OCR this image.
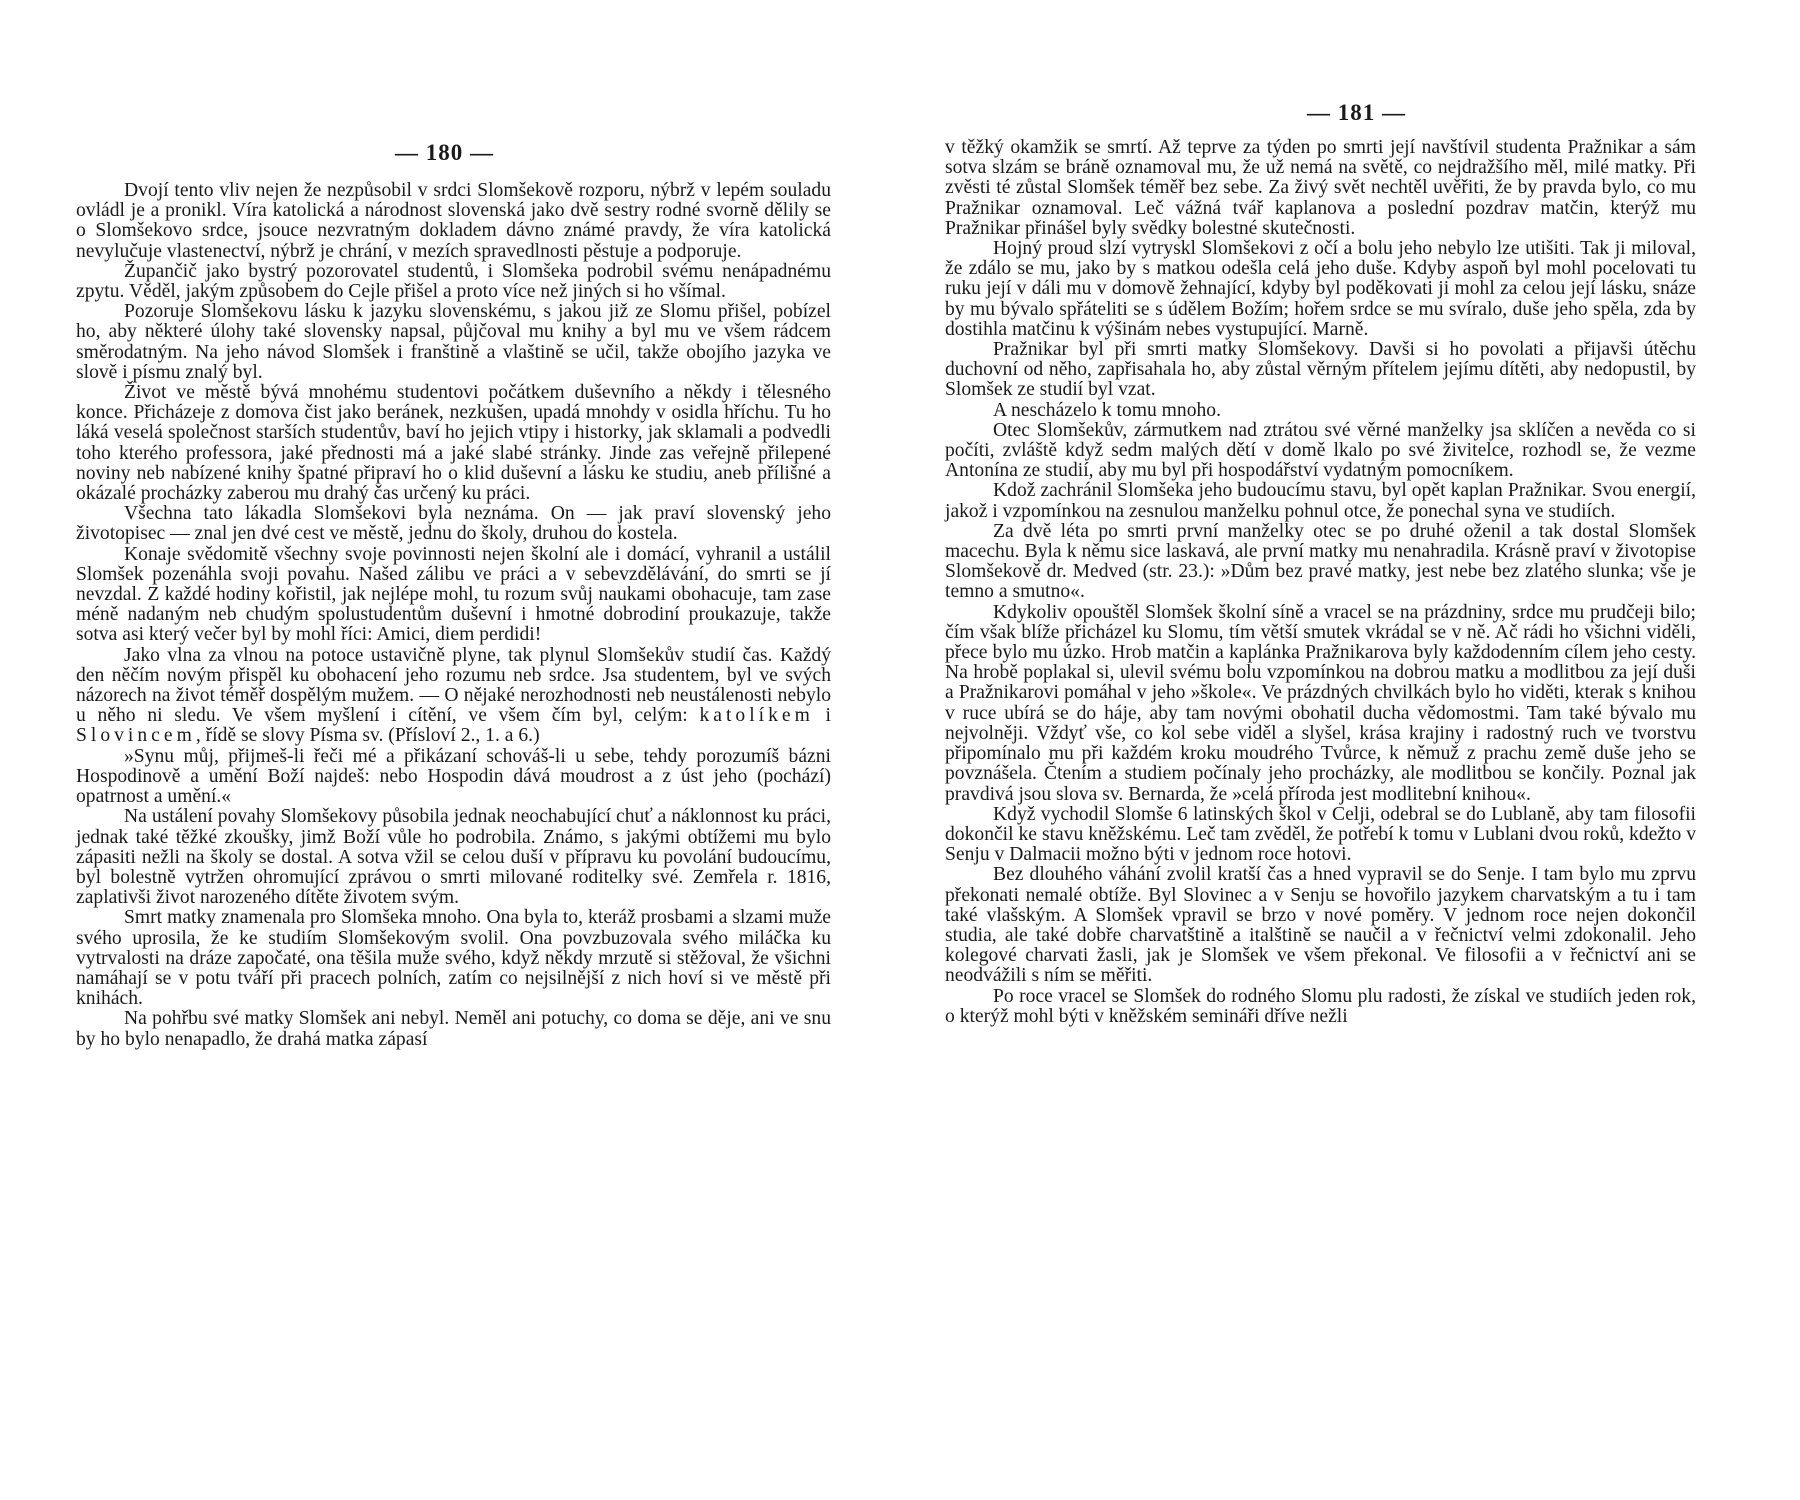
— 180 —

Dvojí tento vliv nejen že nezpůsobil v srdci Slomšekově rozporu, nýbrž v lepém souladu ovládl je a pronikl. Víra katolická a národnost slovenská jako dvě sestry rodné svorně dělily se o Slomšekovo srdce, jsouce nezvratným dokladem dávno známé pravdy, že víra katolická nevylučuje vlastenectví, nýbrž je chrání, v mezích spravedlnosti pěstuje a podporuje.

Župančič jako bystrý pozorovatel studentů, i Slomšeka podrobil svému nenápadnému zpytu. Věděl, jakým způsobem do Cejle přišel a proto více než jiných si ho všímal.

Pozoruje Slomšekovu lásku k jazyku slovenskému, s jakou již ze Slomu přišel, pobízel ho, aby některé úlohy také slovensky napsal, půjčoval mu knihy a byl mu ve všem rádcem směrodatným. Na jeho návod Slomšek i franštině a vlaštině se učil, takže obojího jazyka ve slově i písmu znalý byl.

Život ve městě bývá mnohému studentovi počátkem duševního a někdy i tělesného konce. Přicházeje z domova čist jako beránek, nezkušen, upadá mnohdy v osidla hříchu. Tu ho láká veselá společnost starších studentův, baví ho jejich vtipy i historky, jak sklamali a podvedli toho kterého professora, jaké přednosti má a jaké slabé stránky. Jinde zas veřejně přilepené noviny neb nabízené knihy špatné připraví ho o klid duševní a lásku ke studiu, aneb přílišné a okázalé procházky zaberou mu drahý čas určený ku práci.

Všechna tato lákadla Slomšekovi byla neznáma. On — jak praví slovenský jeho životopisec — znal jen dvé cest ve městě, jednu do školy, druhou do kostela.

Konaje svědomitě všechny svoje povinnosti nejen školní ale i domácí, vyhranil a ustálil Slomšek pozenáhla svoji povahu. Našed zálibu ve práci a v sebevzdělávání, do smrti se jí nevzdal. Z každé hodiny kořistil, jak nejlépe mohl, tu rozum svůj naukami obohacuje, tam zase méně nadaným neb chudým spolustudentům duševní i hmotné dobrodiní proukazuje, takže sotva asi který večer byl by mohl říci: Amici, diem perdidi!

Jako vlna za vlnou na potoce ustavičně plyne, tak plynul Slomšekův studií čas. Každý den něčím novým přispěl ku obohacení jeho rozumu neb srdce. Jsa studentem, byl ve svých názorech na život téměř dospělým mužem. — O nějaké nerozhodnosti neb neustálenosti nebylo u něho ni sledu. Ve všem myšlení i cítění, ve všem čím byl, celým: katolíkem i Slovincem, řídě se slovy Písma sv. (Přísloví 2., 1. a 6.)

»Synu můj, přijmeš-li řeči mé a přikázaní schováš-li u sebe, tehdy porozumíš bázni Hospodinově a umění Boží najdeš: nebo Hospodin dává moudrost a z úst jeho (pochází) opatrnost a umění.«

Na ustálení povahy Slomšekovy působila jednak neochabující chuť a náklonnost ku práci, jednak také těžké zkoušky, jimž Boží vůle ho podrobila. Známo, s jakými obtížemi mu bylo zápasiti nežli na školy se dostal. A sotva vžil se celou duší v přípravu ku povolání budoucímu, byl bolestně vytržen ohromující zprávou o smrti milované roditelky své. Zemřela r. 1816, zaplativši život narozeného dítěte životem svým.

Smrt matky znamenala pro Slomšeka mnoho. Ona byla to, kteráž prosbami a slzami muže svého uprosila, že ke studiím Slomšekovým svolil. Ona povzbuzovala svého miláčka ku vytrvalosti na dráze započaté, ona těšila muže svého, když někdy mrzutě si stěžoval, že všichni namáhají se v potu tváří při pracech polních, zatím co nejsilnější z nich hoví si ve městě při knihách.

Na pohřbu své matky Slomšek ani nebyl. Neměl ani potuchy, co doma se děje, ani ve snu by ho bylo nenapadlo, že drahá matka zápasí

— 181 —

v těžký okamžik se smrtí. Až teprve za týden po smrti její navštívil studenta Pražnikar a sám sotva slzám se bráně oznamoval mu, že už nemá na světě, co nejdražšího měl, milé matky. Při zvěsti té zůstal Slomšek téměř bez sebe. Za živý svět nechtěl uvěřiti, že by pravda bylo, co mu Pražnikar oznamoval. Leč vážná tvář kaplanova a poslední pozdrav matčin, kterýž mu Pražnikar přinášel byly svědky bolestné skutečnosti.

Hojný proud slzí vytryskl Slomšekovi z očí a bolu jeho nebylo lze utišiti. Tak ji miloval, že zdálo se mu, jako by s matkou odešla celá jeho duše. Kdyby aspoň byl mohl pocelovati tu ruku její v dáli mu v domově žehnající, kdyby byl poděkovati ji mohl za celou její lásku, snáze by mu bývalo spřáteliti se s údělem Božím; hořem srdce se mu svíralo, duše jeho spěla, zda by dostihla matčinu k výšinám nebes vystupující. Marně.

Pražnikar byl při smrti matky Slomšekovy. Davši si ho povolati a přijavši útěchu duchovní od něho, zapřisahala ho, aby zůstal věrným přítelem jejímu dítěti, aby nedopustil, by Slomšek ze studií byl vzat.

A nescházelo k tomu mnoho.

Otec Slomšekův, zármutkem nad ztrátou své věrné manželky jsa sklíčen a nevěda co si počíti, zvláště když sedm malých dětí v domě lkalo po své živitelce, rozhodl se, že vezme Antonína ze studií, aby mu byl při hospodářství vydatným pomocníkem.

Kdož zachránil Slomšeka jeho budoucímu stavu, byl opět kaplan Pražnikar. Svou energií, jakož i vzpomínkou na zesnulou manželku pohnul otce, že ponechal syna ve studiích.

Za dvě léta po smrti první manželky otec se po druhé oženil a tak dostal Slomšek macechu. Byla k němu sice laskavá, ale první matky mu nenahradila. Krásně praví v životopise Slomšekově dr. Medved (str. 23.): »Dům bez pravé matky, jest nebe bez zlatého slunka; vše je temno a smutno«.

Kdykoliv opouštěl Slomšek školní síně a vracel se na prázdniny, srdce mu prudčeji bilo; čím však blíže přicházel ku Slomu, tím větší smutek vkrádal se v ně. Ač rádi ho všichni viděli, přece bylo mu úzko. Hrob matčin a kaplánka Pražnikarova byly každodenním cílem jeho cesty. Na hrobě poplakal si, ulevil svému bolu vzpomínkou na dobrou matku a modlitbou za její duši a Pražnikarovi pomáhal v jeho »škole«. Ve prázdných chvilkách bylo ho viděti, kterak s knihou v ruce ubírá se do háje, aby tam novými obohatil ducha vědomostmi. Tam také bývalo mu nejvolněji. Vždyť vše, co kol sebe viděl a slyšel, krása krajiny i radostný ruch ve tvorstvu připomínalo mu při každém kroku moudrého Tvůrce, k němuž z prachu země duše jeho se povznášela. Čtením a studiem počínaly jeho procházky, ale modlitbou se končily. Poznal jak pravdivá jsou slova sv. Bernarda, že »celá příroda jest modlitební knihou«.

Když vychodil Slomše 6 latinských škol v Celji, odebral se do Lublaně, aby tam filosofii dokončil ke stavu kněžskému. Leč tam zvěděl, že potřebí k tomu v Lublani dvou roků, kdežto v Senju v Dalmacii možno býti v jednom roce hotovi.

Bez dlouhého váhání zvolil kratší čas a hned vypravil se do Senje. I tam bylo mu zprvu překonati nemalé obtíže. Byl Slovinec a v Senju se hovořilo jazykem charvatským a tu i tam také vlašským. A Slomšek vpravil se brzo v nové poměry. V jednom roce nejen dokončil studia, ale také dobře charvatštině a italštině se naučil a v řečnictví velmi zdokonalil. Jeho kolegové charvati žasli, jak je Slomšek ve všem překonal. Ve filosofii a v řečnictví ani se neodvážili s ním se měřiti.

Po roce vracel se Slomšek do rodného Slomu plu radosti, že získal ve studiích jeden rok, o kterýž mohl býti v kněžském semináři dříve nežli
